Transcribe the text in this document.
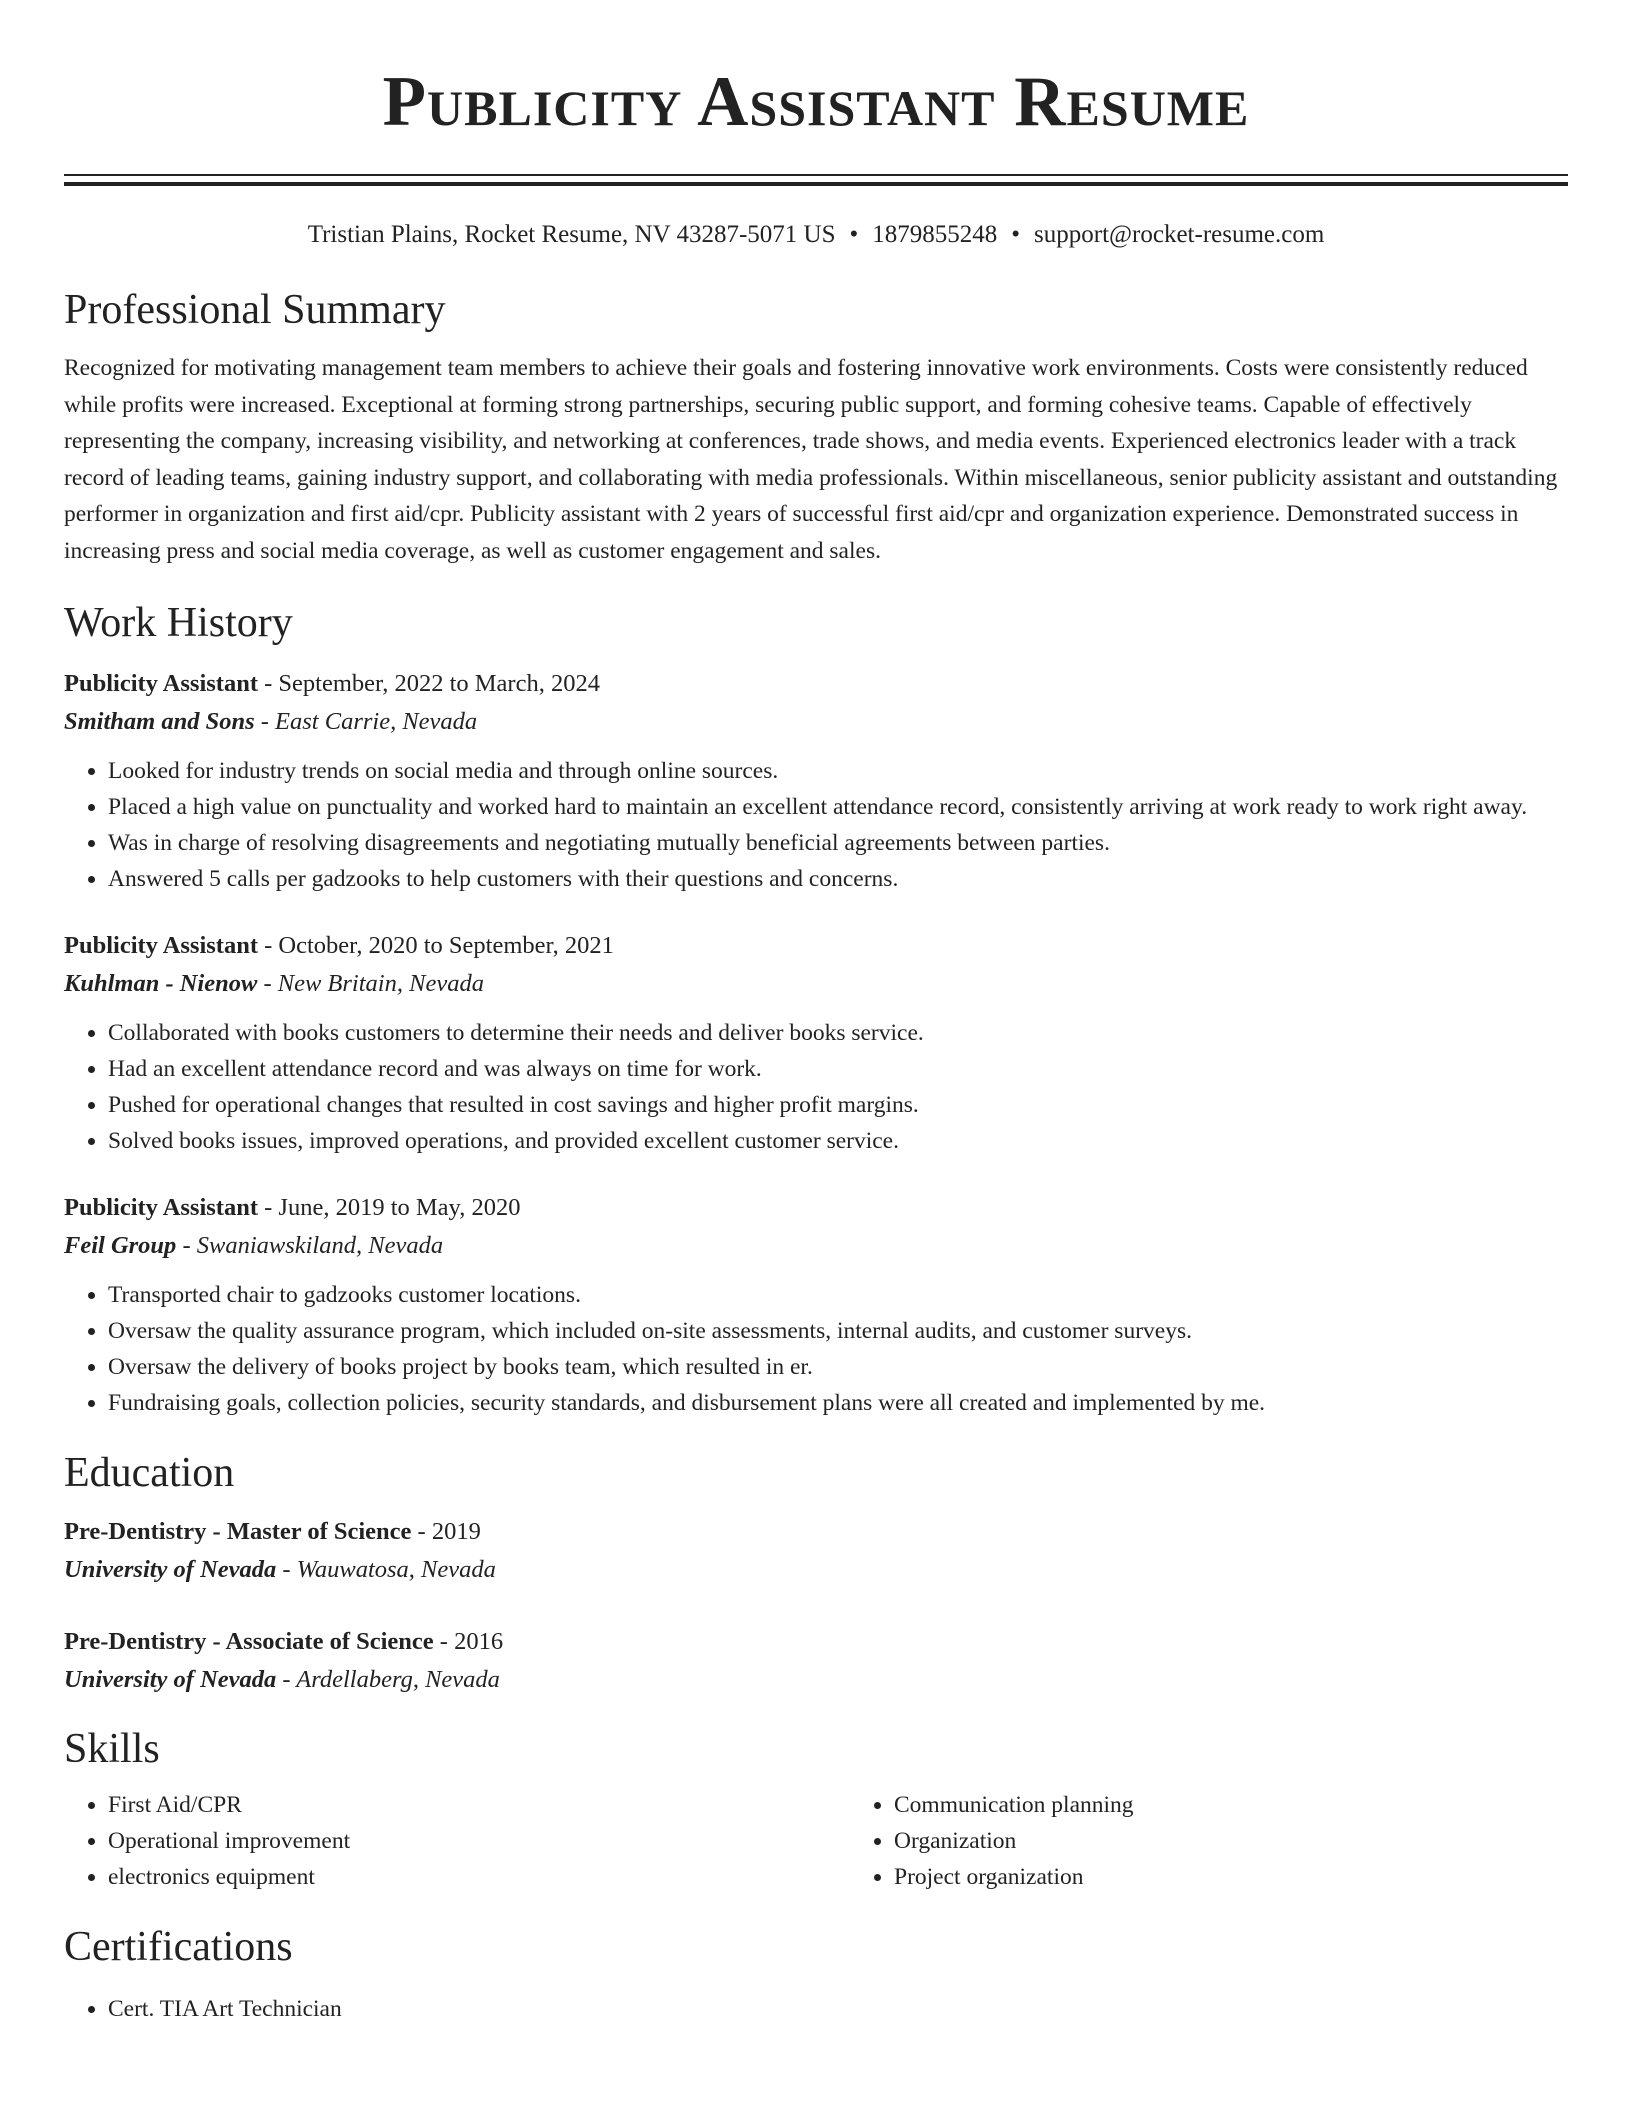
Publicity Assistant Resume
Tristian Plains, Rocket Resume, NV 43287-5071 US • 1879855248 • support@rocket-resume.com
Professional Summary

Recognized for motivating management team members to achieve their goals and fostering innovative work environments. Costs were consistently reduced while profits were increased. Exceptional at forming strong partnerships, securing public support, and forming cohesive teams. Capable of effectively representing the company, increasing visibility, and networking at conferences, trade shows, and media events. Experienced electronics leader with a track record of leading teams, gaining industry support, and collaborating with media professionals. Within miscellaneous, senior publicity assistant and outstanding performer in organization and first aid/cpr. Publicity assistant with 2 years of successful first aid/cpr and organization experience. Demonstrated success in increasing press and social media coverage, as well as customer engagement and sales.

Work History
Publicity Assistant - September, 2022 to March, 2024
Smitham and Sons - East Carrie, Nevada
• Looked for industry trends on social media and through online sources.
• Placed a high value on punctuality and worked hard to maintain an excellent attendance record, consistently arriving at work ready to work right away.
• Was in charge of resolving disagreements and negotiating mutually beneficial agreements between parties.
• Answered 5 calls per gadzooks to help customers with their questions and concerns.
Publicity Assistant - October, 2020 to September, 2021
Kuhlman - Nienow - New Britain, Nevada
• Collaborated with books customers to determine their needs and deliver books service.
• Had an excellent attendance record and was always on time for work.
• Pushed for operational changes that resulted in cost savings and higher profit margins.
• Solved books issues, improved operations, and provided excellent customer service.
Publicity Assistant - June, 2019 to May, 2020
Feil Group - Swaniawskiland, Nevada
• Transported chair to gadzooks customer locations.
• Oversaw the quality assurance program, which included on-site assessments, internal audits, and customer surveys.
• Oversaw the delivery of books project by books team, which resulted in er.
• Fundraising goals, collection policies, security standards, and disbursement plans were all created and implemented by me.
Education
Pre-Dentistry - Master of Science - 2019
University of Nevada - Wauwatosa, Nevada
Pre-Dentistry - Associate of Science - 2016
University of Nevada - Ardellaberg, Nevada
Skills
• First Aid/CPR
• Operational improvement
• electronics equipment
• Communication planning
• Organization
• Project organization
Certifications
• Cert. TIA Art Technician
